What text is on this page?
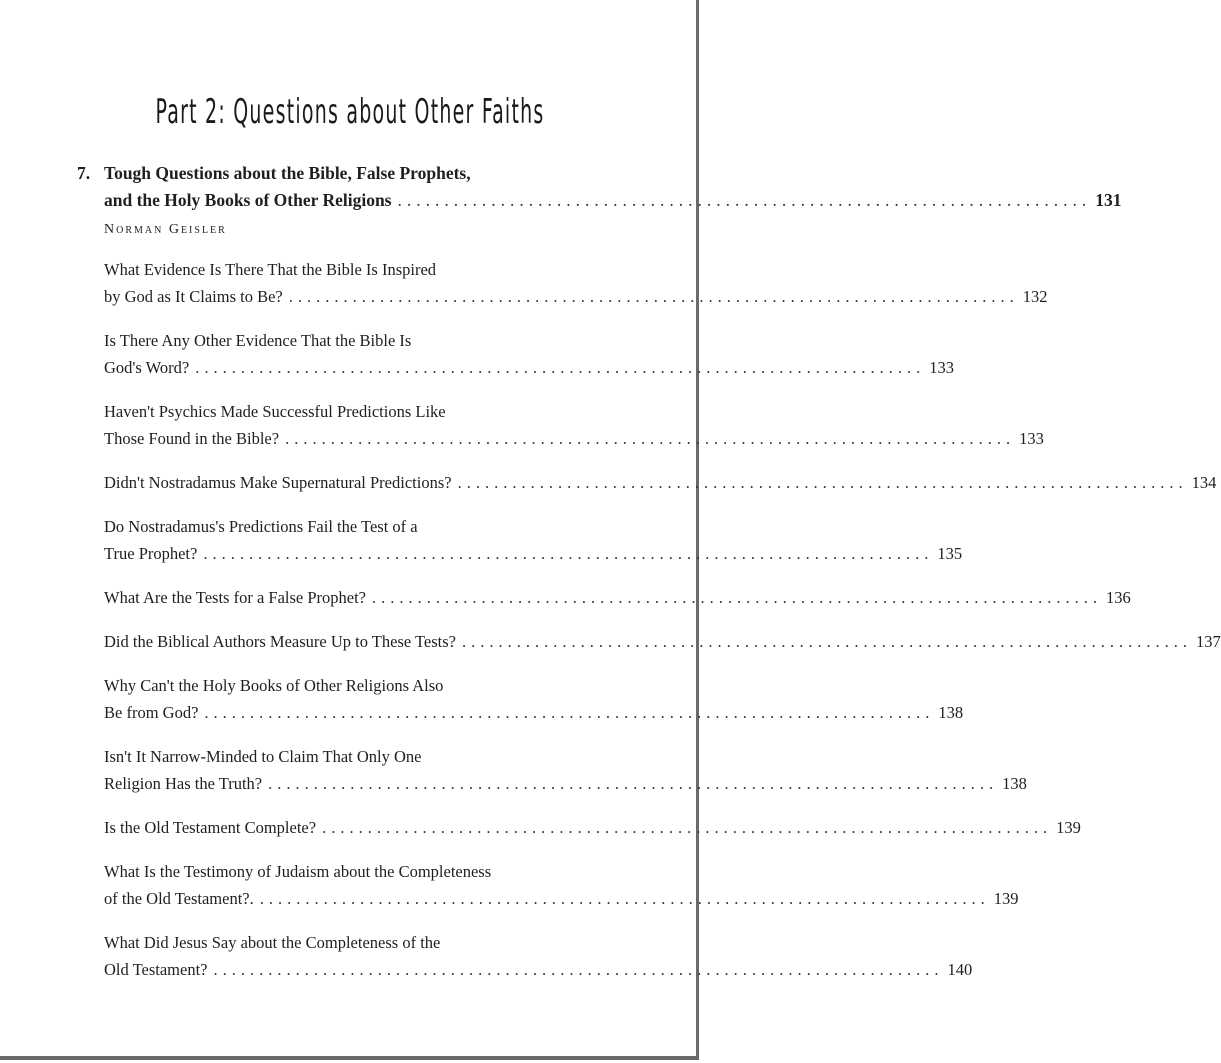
Part 2: Questions about Other Faiths
7. Tough Questions about the Bible, False Prophets,
and the Holy Books of Other Religions .......................................................................... 131
Norman Geisler
What Evidence Is There That the Bible Is Inspired
by God as It Claims to Be? ................................................................................ 132
Is There Any Other Evidence That the Bible Is
God's Word? ................................................................................ 133
Haven't Psychics Made Successful Predictions Like
Those Found in the Bible? ................................................................................ 133
Didn't Nostradamus Make Supernatural Predictions? ................................................................................ 134
Do Nostradamus's Predictions Fail the Test of a
True Prophet? ................................................................................ 135
What Are the Tests for a False Prophet? ................................................................................ 136
Did the Biblical Authors Measure Up to These Tests? ................................................................................ 137
Why Can't the Holy Books of Other Religions Also
Be from God? ................................................................................ 138
Isn't It Narrow-Minded to Claim That Only One
Religion Has the Truth? ................................................................................ 138
Is the Old Testament Complete? ................................................................................ 139
What Is the Testimony of Judaism about the Completeness
of the Old Testament?. ................................................................................ 139
What Did Jesus Say about the Completeness of the
Old Testament? ................................................................................ 140
